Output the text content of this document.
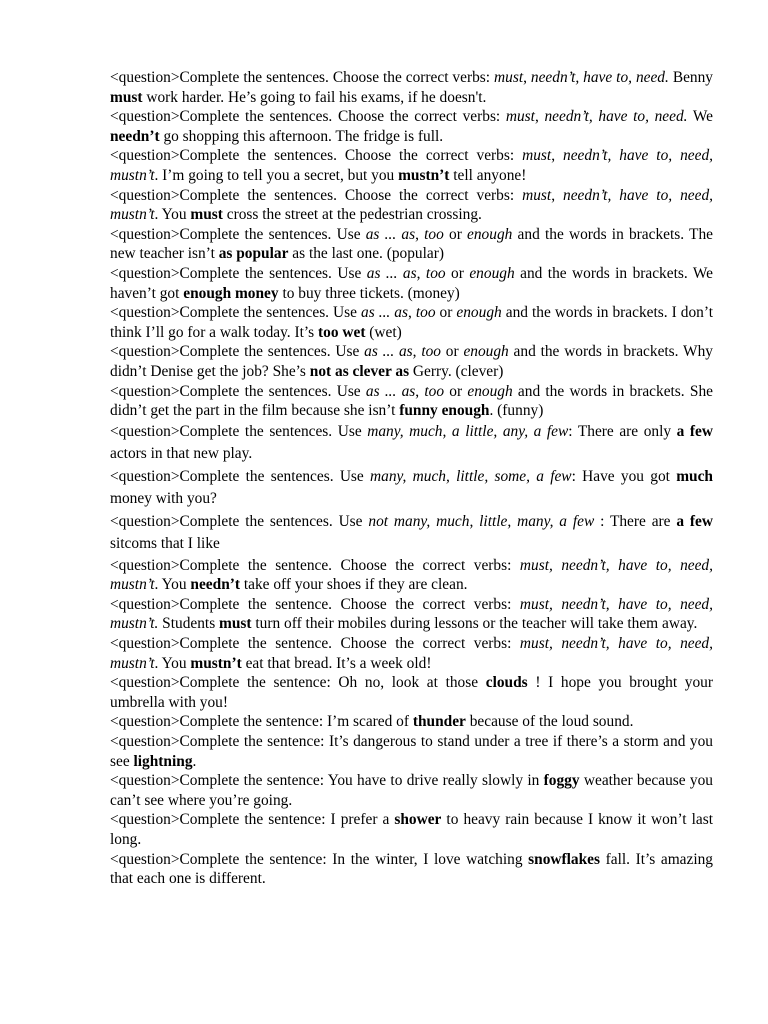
<question>Complete the sentences. Choose the correct verbs: must, needn’t, have to, need. Benny must work harder. He’s going to fail his exams, if he doesn't.

<question>Complete the sentences. Choose the correct verbs: must, needn’t, have to, need. We needn’t go shopping this afternoon. The fridge is full.

<question>Complete the sentences. Choose the correct verbs: must, needn’t, have to, need, mustn’t. I’m going to tell you a secret, but you mustn’t tell anyone!

<question>Complete the sentences. Choose the correct verbs: must, needn’t, have to, need, mustn’t. You must cross the street at the pedestrian crossing.

<question>Complete the sentences. Use as ... as, too or enough and the words in brackets. The new teacher isn’t as popular as the last one. (popular)

<question>Complete the sentences. Use as ... as, too or enough and the words in brackets. We haven’t got enough money to buy three tickets. (money)

<question>Complete the sentences. Use as ... as, too or enough and the words in brackets. I don’t think I’ll go for a walk today. It’s too wet (wet)

<question>Complete the sentences. Use as ... as, too or enough and the words in brackets. Why didn’t Denise get the job? She’s not as clever as Gerry. (clever)

<question>Complete the sentences. Use as ... as, too or enough and the words in brackets. She didn’t get the part in the film because she isn’t funny enough. (funny)

<question>Complete the sentences. Use many, much, a little, any, a few: There are only a few actors in that new play.

<question>Complete the sentences. Use many, much, little, some, a few: Have you got much money with you?

<question>Complete the sentences. Use not many, much, little, many, a few : There are a few sitcoms that I like

<question>Complete the sentence. Choose the correct verbs: must, needn’t, have to, need, mustn’t. You needn’t take off your shoes if they are clean.

<question>Complete the sentence. Choose the correct verbs: must, needn’t, have to, need, mustn’t. Students must turn off their mobiles during lessons or the teacher will take them away.

<question>Complete the sentence. Choose the correct verbs: must, needn’t, have to, need, mustn’t. You mustn’t eat that bread. It’s a week old!

<question>Complete the sentence: Oh no, look at those clouds ! I hope you brought your umbrella with you!

<question>Complete the sentence: I’m scared of thunder because of the loud sound.

<question>Complete the sentence: It’s dangerous to stand under a tree if there’s a storm and you see lightning.

<question>Complete the sentence: You have to drive really slowly in foggy weather because you can’t see where you’re going.

<question>Complete the sentence: I prefer a shower to heavy rain because I know it won’t last long.

<question>Complete the sentence: In the winter, I love watching snowflakes fall. It’s amazing that each one is different.
